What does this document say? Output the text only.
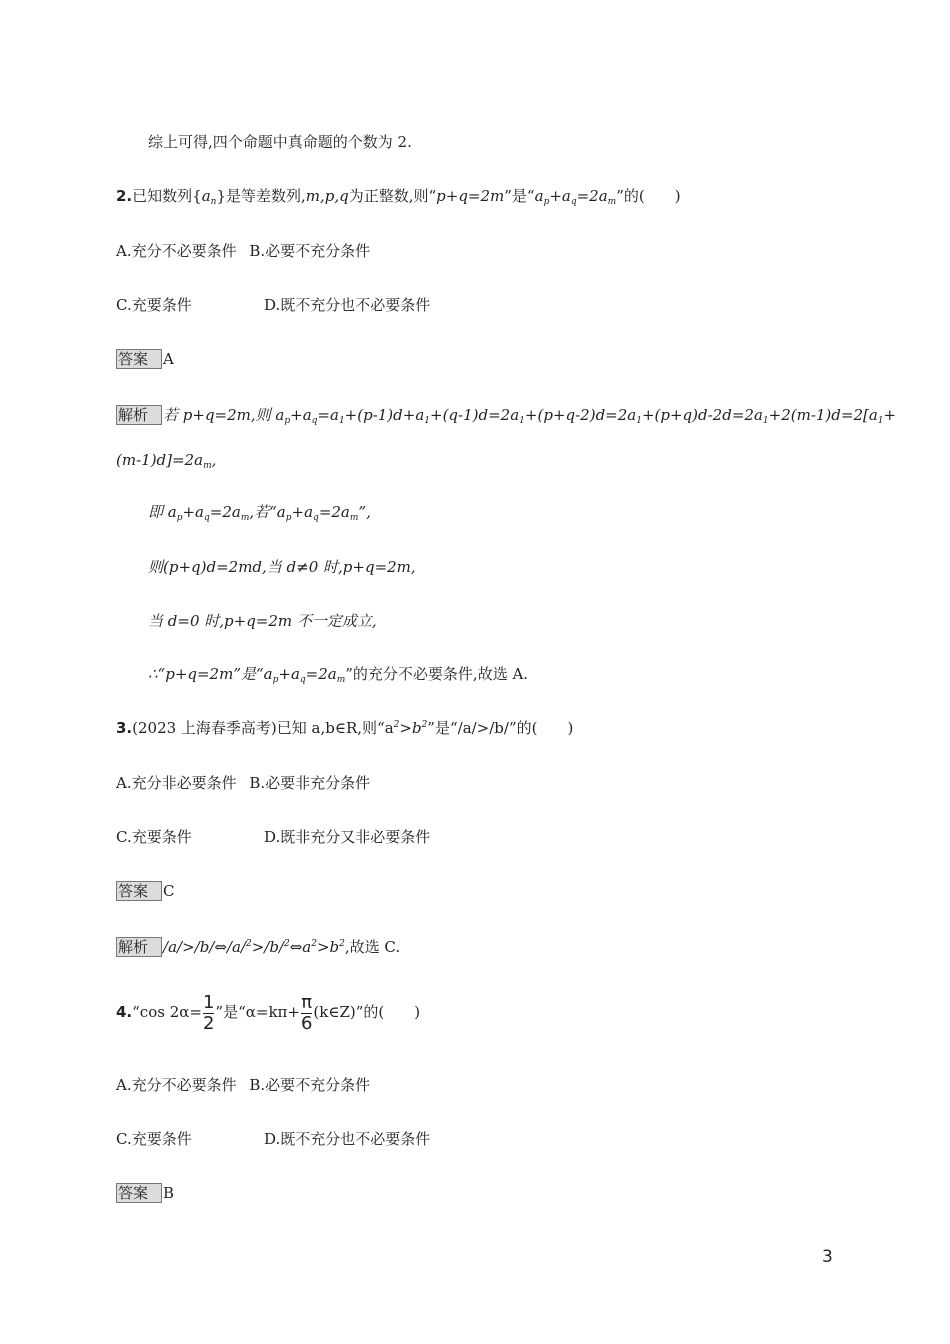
综上可得,四个命题中真命题的个数为 2.
2.已知数列$\{a_n\}$是等差数列,m,p,q为正整数,则“p+q=2m”是“$a_p+a_q=2a_m$”的(　　)
A.充分不必要条件 B.必要不充分条件
C.充要条件	D.既不充分也不必要条件
答案 A
解析 若 p+q=2m,则 $a_p+a_q=a_1+(p-1)d+a_1+(q-1)d=2a_1+(p+q-2)d=2a_1+(p+q)d-2d=2a_1+2(m-1)d=2[a_1+$
$(m-1)d]=2a_m$,
即 $a_p+a_q=2a_m$,若“$a_p+a_q=2a_m$”,
则(p+q)d=2md,当 d≠0 时,p+q=2m,
当 d=0 时,p+q=2m 不一定成立,
∴“p+q=2m”是“$a_p+a_q=2a_m$”的充分不必要条件,故选 A.
3.(2023 上海春季高考)已知 a,b∈R,则“$a^2>b^2$”是“/a/>/b/”的(　　)
A.充分非必要条件 B.必要非充分条件
C.充要条件	D.既非充分又非必要条件
答案 C
解析 $/a/>/b/\Leftrightarrow/a/^2>/b/^2\Leftrightarrow a^2>b^2$,故选 C.
4.“cos $2\alpha= \frac{1}{2}$ ”是“$\alpha=k\pi+ \frac{\pi}{6}$ (k∈Z)”的(　　)
A.充分不必要条件 B.必要不充分条件
C.充要条件	D.既不充分也不必要条件
答案 B
3
